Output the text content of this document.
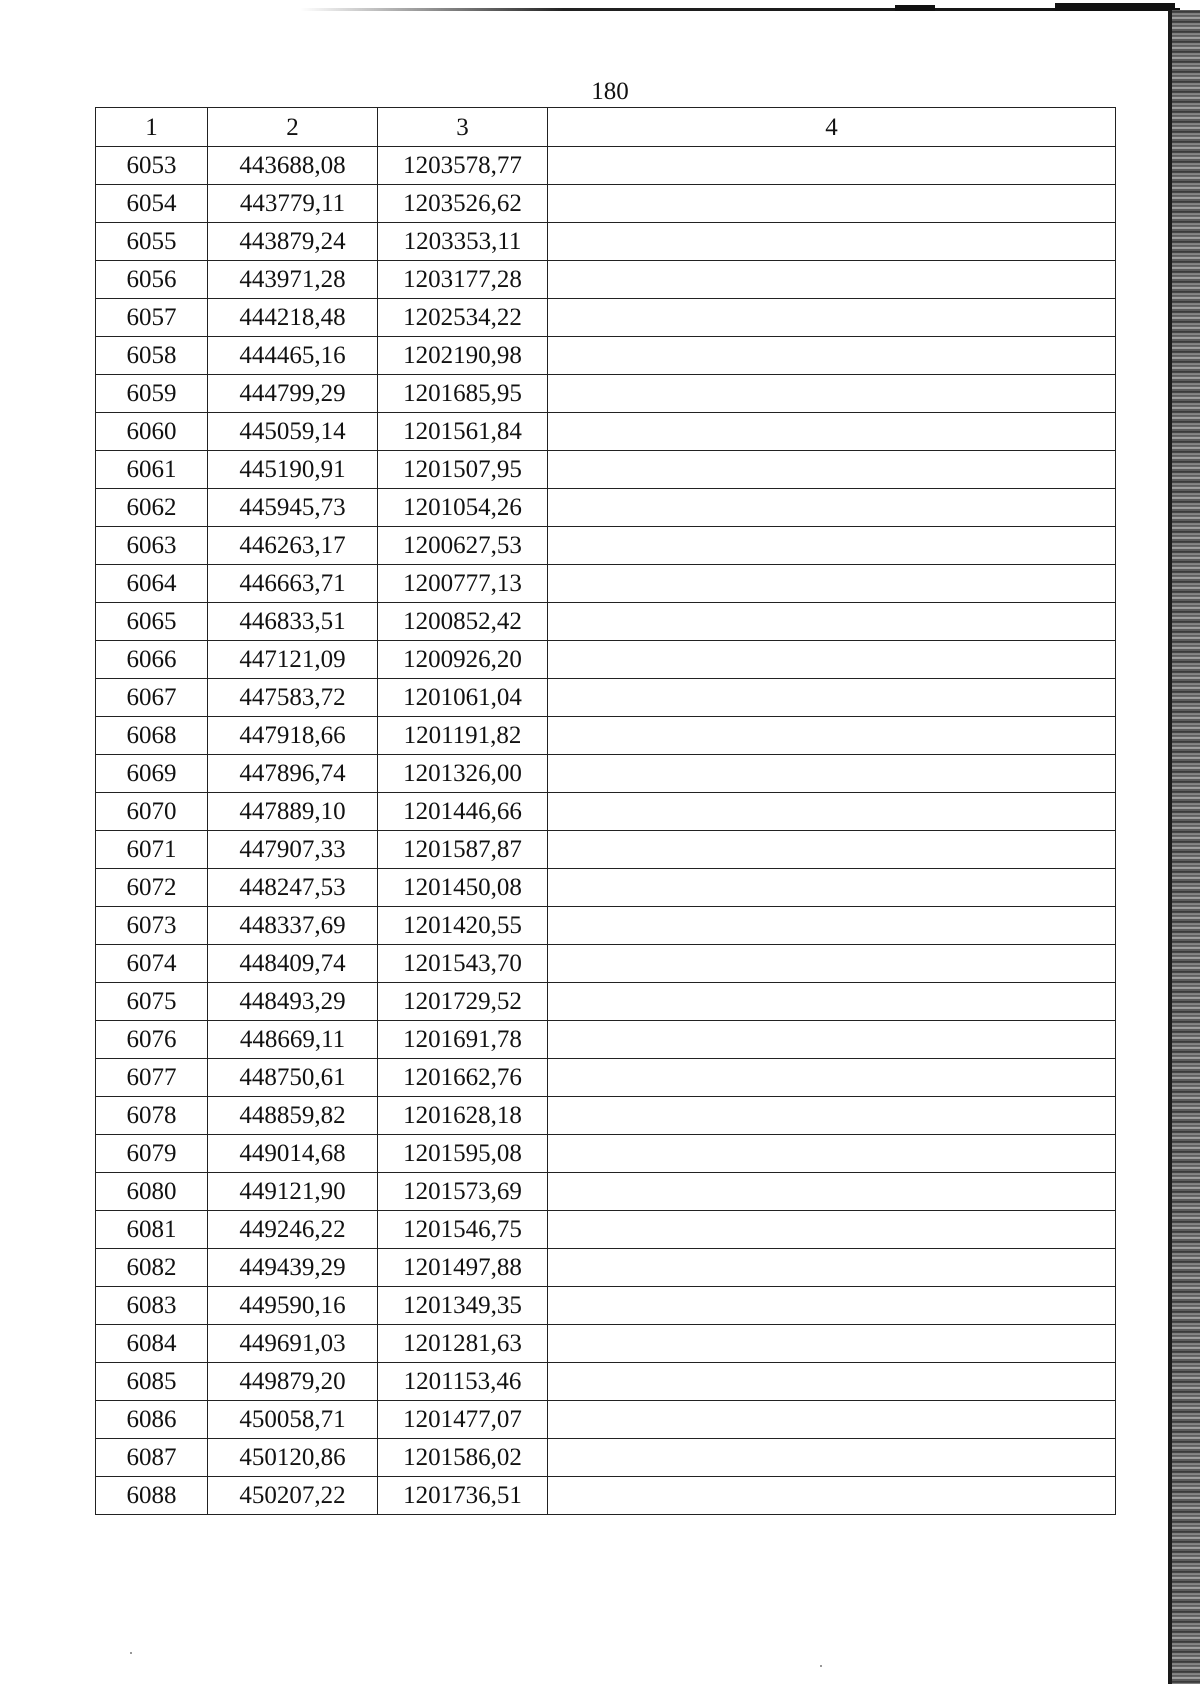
180
1	2	3	4
6053	443688,08	1203578,77	
6054	443779,11	1203526,62	
6055	443879,24	1203353,11	
6056	443971,28	1203177,28	
6057	444218,48	1202534,22	
6058	444465,16	1202190,98	
6059	444799,29	1201685,95	
6060	445059,14	1201561,84	
6061	445190,91	1201507,95	
6062	445945,73	1201054,26	
6063	446263,17	1200627,53	
6064	446663,71	1200777,13	
6065	446833,51	1200852,42	
6066	447121,09	1200926,20	
6067	447583,72	1201061,04	
6068	447918,66	1201191,82	
6069	447896,74	1201326,00	
6070	447889,10	1201446,66	
6071	447907,33	1201587,87	
6072	448247,53	1201450,08	
6073	448337,69	1201420,55	
6074	448409,74	1201543,70	
6075	448493,29	1201729,52	
6076	448669,11	1201691,78	
6077	448750,61	1201662,76	
6078	448859,82	1201628,18	
6079	449014,68	1201595,08	
6080	449121,90	1201573,69	
6081	449246,22	1201546,75	
6082	449439,29	1201497,88	
6083	449590,16	1201349,35	
6084	449691,03	1201281,63	
6085	449879,20	1201153,46	
6086	450058,71	1201477,07	
6087	450120,86	1201586,02	
6088	450207,22	1201736,51	
